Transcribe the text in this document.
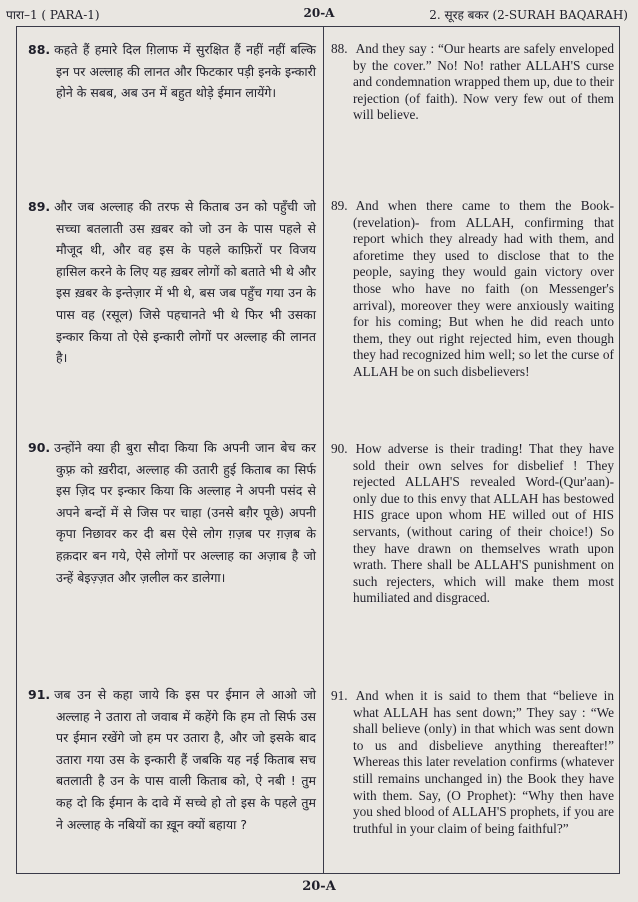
पारा–1 ( PARA-1)	20-A	2. सूरह बकर (2-SURAH BAQARAH)
88. कहते हैं हमारे दिल ग़िलाफ में सुरक्षित हैं नहीं नहीं बल्कि इन पर अल्लाह की लानत और फिटकार पड़ी इनके इन्कारी होने के सबब, अब उन में बहुत थोड़े ईमान लायेंगे।
88. And they say : “Our hearts are safely enveloped by the cover.” No! No! rather ALLAH'S curse and condemnation wrapped them up, due to their rejection (of faith). Now very few out of them will believe.
89. और जब अल्लाह की तरफ से किताब उन को पहुँची जो सच्चा बतलाती उस ख़बर को जो उन के पास पहले से मौजूद थी, और वह इस के पहले काफ़िरों पर विजय हासिल करने के लिए यह ख़बर लोगों को बताते भी थे और इस ख़बर के इन्तेज़ार में भी थे, बस जब पहुँच गया उन के पास वह (रसूल) जिसे पहचानते भी थे फिर भी उसका इन्कार किया तो ऐसे इन्कारी लोगों पर अल्लाह की लानत है।
89. And when there came to them the Book-(revelation)- from ALLAH, confirming that report which they already had with them, and aforetime they used to disclose that to the people, saying they would gain victory over those who have no faith (on Messenger's arrival), moreover they were anxiously waiting for his coming; But when he did reach unto them, they out right rejected him, even though they had recognized him well; so let the curse of ALLAH be on such disbelievers!
90. उन्होंने क्या ही बुरा सौदा किया कि अपनी जान बेच कर कुफ़्र को ख़रीदा, अल्लाह की उतारी हुई किताब का सिर्फ इस ज़िद पर इन्कार किया कि अल्लाह ने अपनी पसंद से अपने बन्दों में से जिस पर चाहा (उनसे बग़ैर पूछे) अपनी कृपा निछावर कर दी बस ऐसे लोग ग़ज़ब पर ग़ज़ब के हक़दार बन गये, ऐसे लोगों पर अल्लाह का अज़ाब है जो उन्हें बेइज़्ज़त और ज़लील कर डालेगा।
90. How adverse is their trading! That they have sold their own selves for disbelief ! They rejected ALLAH'S revealed Word-(Qur'aan)-only due to this envy that ALLAH has bestowed HIS grace upon whom HE willed out of HIS servants, (without caring of their choice!) So they have drawn on themselves wrath upon wrath. There shall be ALLAH'S punishment on such rejecters, which will make them most humiliated and disgraced.
91. जब उन से कहा जाये कि इस पर ईमान ले आओ जो अल्लाह ने उतारा तो जवाब में कहेंगे कि हम तो सिर्फ उस पर ईमान रखेंगे जो हम पर उतारा है, और जो इसके बाद उतारा गया उस के इन्कारी हैं जबकि यह नई किताब सच बतलाती है उन के पास वाली किताब को, ऐ नबी ! तुम कह दो कि ईमान के दावे में सच्चे हो तो इस के पहले तुम ने अल्लाह के नबियों का ख़ून क्यों बहाया ?
91. And when it is said to them that “believe in what ALLAH has sent down;” They say : “We shall believe (only) in that which was sent down to us and disbelieve anything thereafter!” Whereas this later revelation confirms (whatever still remains unchanged in) the Book they have with them. Say, (O Prophet): “Why then have you shed blood of ALLAH'S prophets, if you are truthful in your claim of being faithful?”
20-A
